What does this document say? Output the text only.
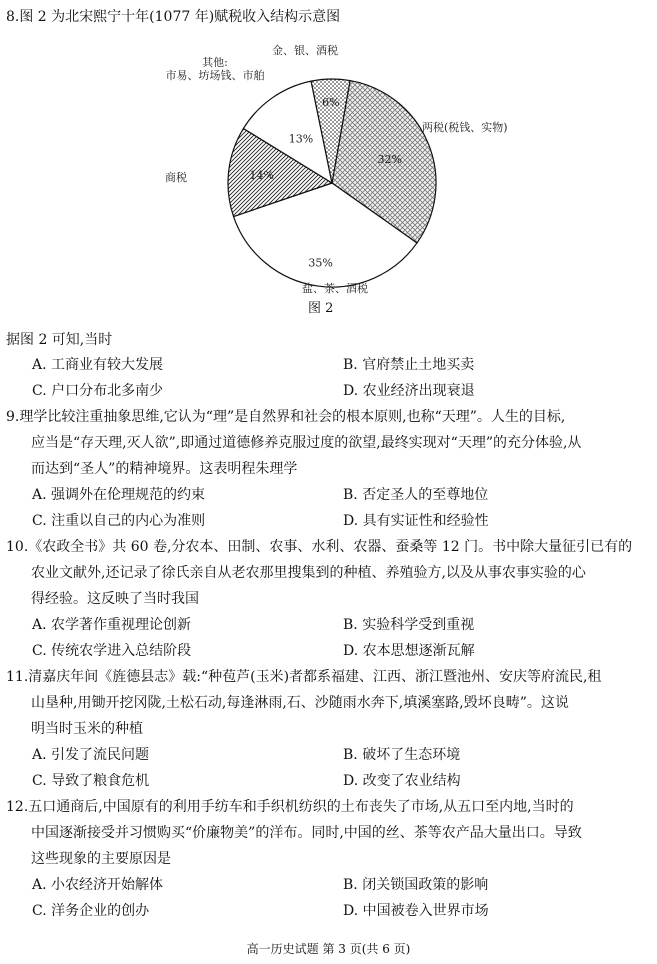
8.图 2 为北宋熙宁十年(1077 年)赋税收入结构示意图
32%
两税(税钱、实物)
35%
盐、茶、酒税
14%
商税
13%
其他:
市易、坊场钱、市舶
6%
金、银、酒税
图 2
据图 2 可知,当时
A. 工商业有较大发展	B. 官府禁止土地买卖
C. 户口分布北多南少	D. 农业经济出现衰退
9.理学比较注重抽象思维,它认为“理”是自然界和社会的根本原则,也称“天理”。人生的目标,
应当是“存天理,灭人欲”,即通过道德修养克服过度的欲望,最终实现对“天理”的充分体验,从
而达到“圣人”的精神境界。这表明程朱理学
A. 强调外在伦理规范的约束	B. 否定圣人的至尊地位
C. 注重以自己的内心为准则	D. 具有实证性和经验性
10.《农政全书》共 60 卷,分农本、田制、农事、水利、农器、蚕桑等 12 门。书中除大量征引已有的
农业文献外,还记录了徐氏亲自从老农那里搜集到的种植、养殖验方,以及从事农事实验的心
得经验。这反映了当时我国
A. 农学著作重视理论创新	B. 实验科学受到重视
C. 传统农学进入总结阶段	D. 农本思想逐渐瓦解
11.清嘉庆年间《旌德县志》载:“种苞芦(玉米)者都系福建、江西、浙江暨池州、安庆等府流民,租
山垦种,用锄开挖冈陇,土松石动,每逢淋雨,石、沙随雨水奔下,填溪塞路,毁坏良畴”。这说
明当时玉米的种植
A. 引发了流民问题	B. 破坏了生态环境
C. 导致了粮食危机	D. 改变了农业结构
12.五口通商后,中国原有的利用手纺车和手织机纺织的土布丧失了市场,从五口至内地,当时的
中国逐渐接受并习惯购买“价廉物美”的洋布。同时,中国的丝、茶等农产品大量出口。导致
这些现象的主要原因是
A. 小农经济开始解体	B. 闭关锁国政策的影响
C. 洋务企业的创办	D. 中国被卷入世界市场
高一历史试题 第 3 页(共 6 页)
